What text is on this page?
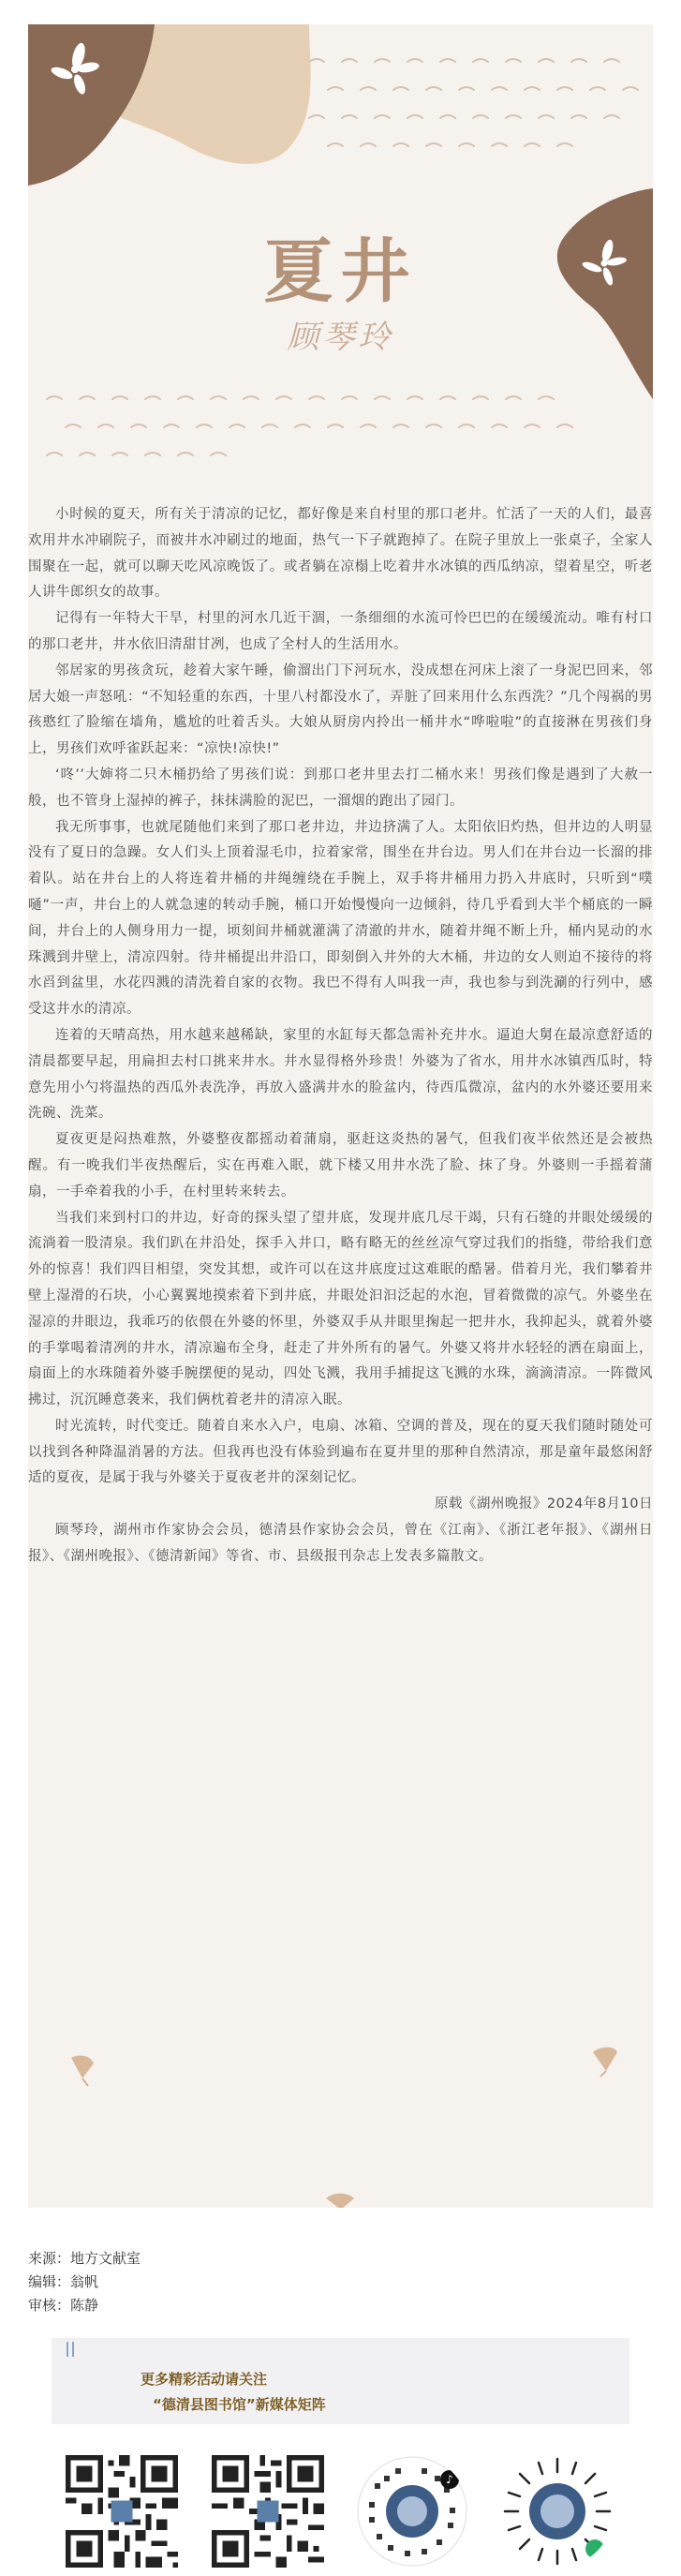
夏井
顾琴玲

小时候的夏天，所有关于清凉的记忆，都好像是来自村里的那口老井。忙活了一天的人们，最喜欢用井水冲刷院子，而被井水冲刷过的地面，热气一下子就跑掉了。在院子里放上一张桌子，全家人围聚在一起，就可以聊天吃风凉晚饭了。或者躺在凉榻上吃着井水冰镇的西瓜纳凉，望着星空，听老人讲牛郎织女的故事。

记得有一年特大干旱，村里的河水几近干涸，一条细细的水流可怜巴巴的在缓缓流动。唯有村口的那口老井，井水依旧清甜甘冽，也成了全村人的生活用水。

邻居家的男孩贪玩，趁着大家午睡，偷溜出门下河玩水，没成想在河床上滚了一身泥巴回来，邻居大娘一声怒吼：“不知轻重的东西，十里八村都没水了，弄脏了回来用什么东西洗？”几个闯祸的男孩憨红了脸缩在墙角，尴尬的吐着舌头。大娘从厨房内拎出一桶井水“哗啦啦”的直接淋在男孩们身上，男孩们欢呼雀跃起来：“凉快!凉快!”

‘咚’’大婶将二只木桶扔给了男孩们说：到那口老井里去打二桶水来！男孩们像是遇到了大赦一般，也不管身上湿掉的裤子，抹抹满脸的泥巴，一溜烟的跑出了园门。

我无所事事，也就尾随他们来到了那口老井边，井边挤满了人。太阳依旧灼热，但井边的人明显没有了夏日的急躁。女人们头上顶着湿毛巾，拉着家常，围坐在井台边。男人们在井台边一长溜的排着队。站在井台上的人将连着井桶的井绳缠绕在手腕上，双手将井桶用力扔入井底时，只听到“噗嗵”一声，井台上的人就急速的转动手腕，桶口开始慢慢向一边倾斜，待几乎看到大半个桶底的一瞬间，井台上的人侧身用力一提，顷刻间井桶就灌满了清澈的井水，随着井绳不断上升，桶内晃动的水珠溅到井壁上，清凉四射。待井桶提出井沿口，即刻倒入井外的大木桶，井边的女人则迫不接待的将水舀到盆里，水花四溅的清洗着自家的衣物。我巴不得有人叫我一声，我也参与到洗涮的行列中，感受这井水的清凉。

连着的天晴高热，用水越来越稀缺，家里的水缸每天都急需补充井水。逼迫大舅在最凉意舒适的清晨都要早起，用扁担去村口挑来井水。井水显得格外珍贵！外婆为了省水，用井水冰镇西瓜时，特意先用小勺将温热的西瓜外表洗净，再放入盛满井水的脸盆内，待西瓜微凉，盆内的水外婆还要用来洗碗、洗菜。

夏夜更是闷热难熬，外婆整夜都摇动着蒲扇，驱赶这炎热的暑气，但我们夜半依然还是会被热醒。有一晚我们半夜热醒后，实在再难入眠，就下楼又用井水洗了脸、抹了身。外婆则一手摇着蒲扇，一手牵着我的小手，在村里转来转去。

当我们来到村口的井边，好奇的探头望了望井底，发现井底几尽干竭，只有石缝的井眼处缓缓的流淌着一股清泉。我们趴在井沿处，探手入井口，略有略无的丝丝凉气穿过我们的指缝，带给我们意外的惊喜！我们四目相望，突发其想，或许可以在这井底度过这难眠的酷暑。借着月光，我们攀着井壁上湿滑的石块，小心翼翼地摸索着下到井底，井眼处汩汩泛起的水泡，冒着微微的凉气。外婆坐在湿凉的井眼边，我乖巧的依偎在外婆的怀里，外婆双手从井眼里掬起一把井水，我抑起头，就着外婆的手掌喝着清冽的井水，清凉遍布全身，赶走了井外所有的暑气。外婆又将井水轻轻的洒在扇面上，扇面上的水珠随着外婆手腕摆便的晃动，四处飞溅，我用手捕捉这飞溅的水珠，滴滴清凉。一阵微风拂过，沉沉睡意袭来，我们俩枕着老井的清凉入眠。

时光流转，时代变迁。随着自来水入户，电扇、冰箱、空调的普及，现在的夏天我们随时随处可以找到各种降温消暑的方法。但我再也没有体验到遍布在夏井里的那种自然清凉，那是童年最悠闲舒适的夏夜，是属于我与外婆关于夏夜老井的深刻记忆。

原载《湖州晚报》2024年8月10日

顾琴玲，湖州市作家协会会员，德清县作家协会会员，曾在《江南》、《浙江老年报》、《湖州日报》、《湖州晚报》、《德清新闻》等省、市、县级报刊杂志上发表多篇散文。

来源：地方文献室
编辑：翁帆
审核：陈静
更多精彩活动请关注
“德清县图书馆”新媒体矩阵
♪
